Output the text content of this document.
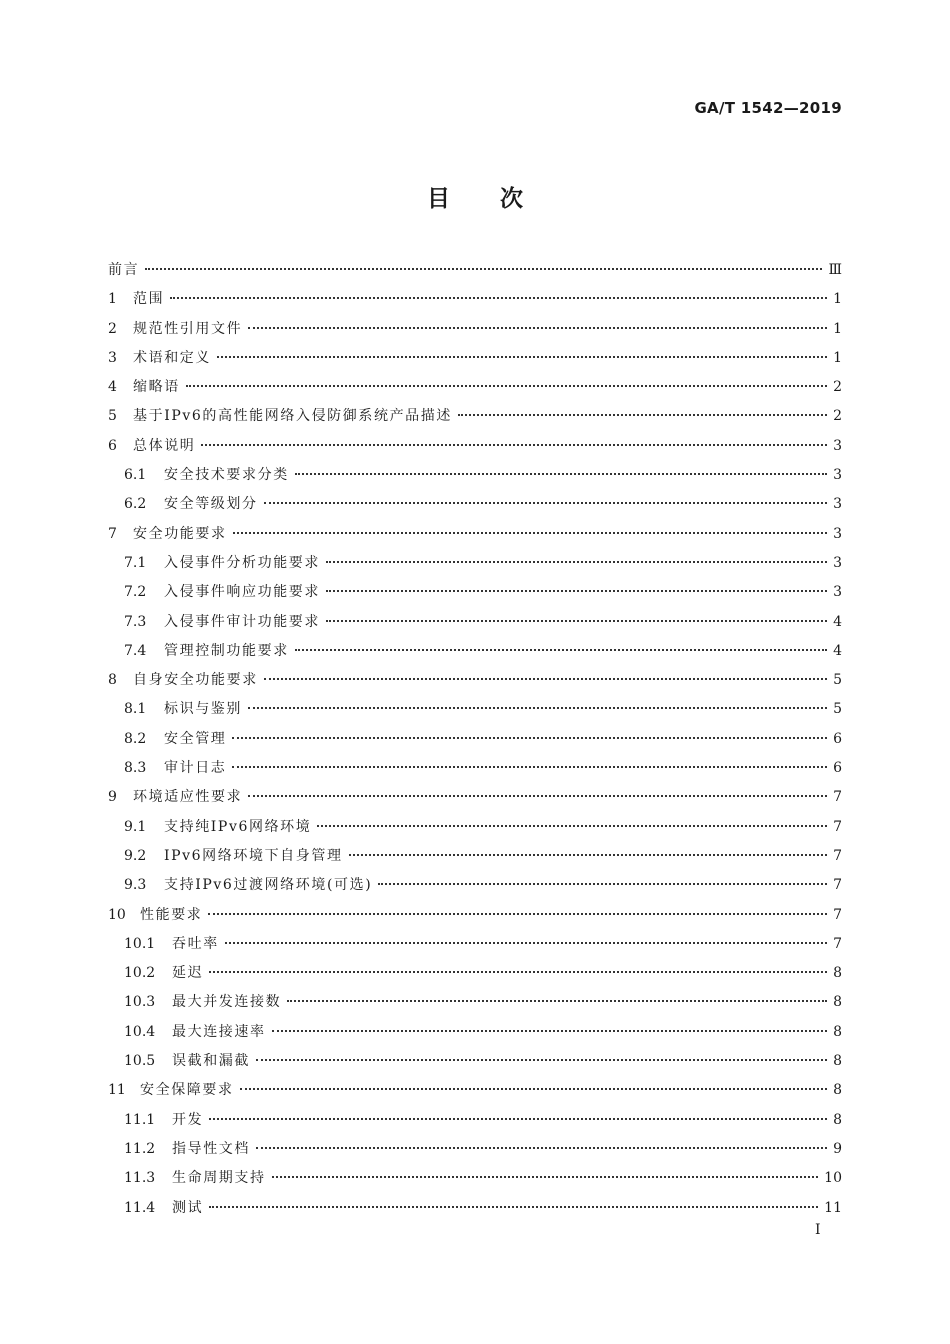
GA/T 1542—2019
目 次
前言	Ⅲ
1	范围	1
2	规范性引用文件	1
3	术语和定义	1
4	缩略语	2
5	基于IPv6的高性能网络入侵防御系统产品描述	2
6	总体说明	3
6.1	安全技术要求分类	3
6.2	安全等级划分	3
7	安全功能要求	3
7.1	入侵事件分析功能要求	3
7.2	入侵事件响应功能要求	3
7.3	入侵事件审计功能要求	4
7.4	管理控制功能要求	4
8	自身安全功能要求	5
8.1	标识与鉴别	5
8.2	安全管理	6
8.3	审计日志	6
9	环境适应性要求	7
9.1	支持纯IPv6网络环境	7
9.2	IPv6网络环境下自身管理	7
9.3	支持IPv6过渡网络环境(可选)	7
10	性能要求	7
10.1	吞吐率	7
10.2	延迟	8
10.3	最大并发连接数	8
10.4	最大连接速率	8
10.5	误截和漏截	8
11	安全保障要求	8
11.1	开发	8
11.2	指导性文档	9
11.3	生命周期支持	10
11.4	测试	11
I
